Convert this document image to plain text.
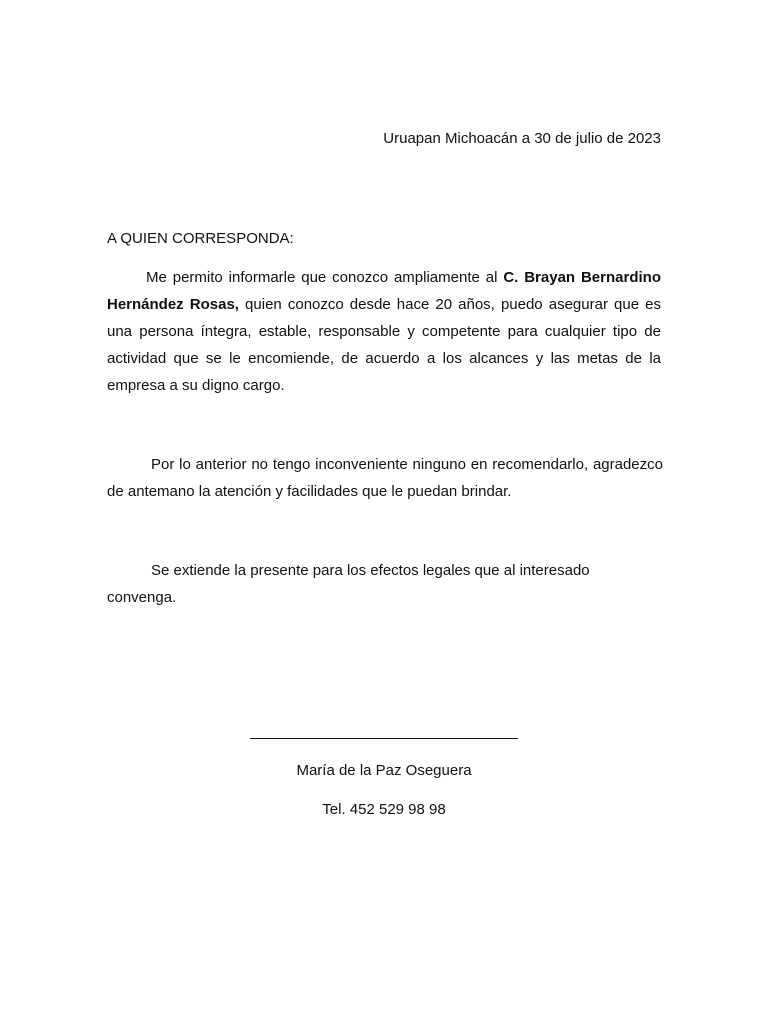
Uruapan Michoacán a 30 de julio de 2023
A QUIEN CORRESPONDA:

Me permito informarle que conozco ampliamente al C. Brayan Bernardino Hernández Rosas, quien conozco desde hace 20 años, puedo asegurar que es una persona íntegra, estable, responsable y competente para cualquier tipo de actividad que se le encomiende, de acuerdo a los alcances y las metas de la empresa a su digno cargo.

Por lo anterior no tengo inconveniente ninguno en recomendarlo, agradezco de antemano la atención y facilidades que le puedan brindar.

Se extiende la presente para los efectos legales que al interesado convenga.

María de la Paz Oseguera
Tel. 452 529 98 98
